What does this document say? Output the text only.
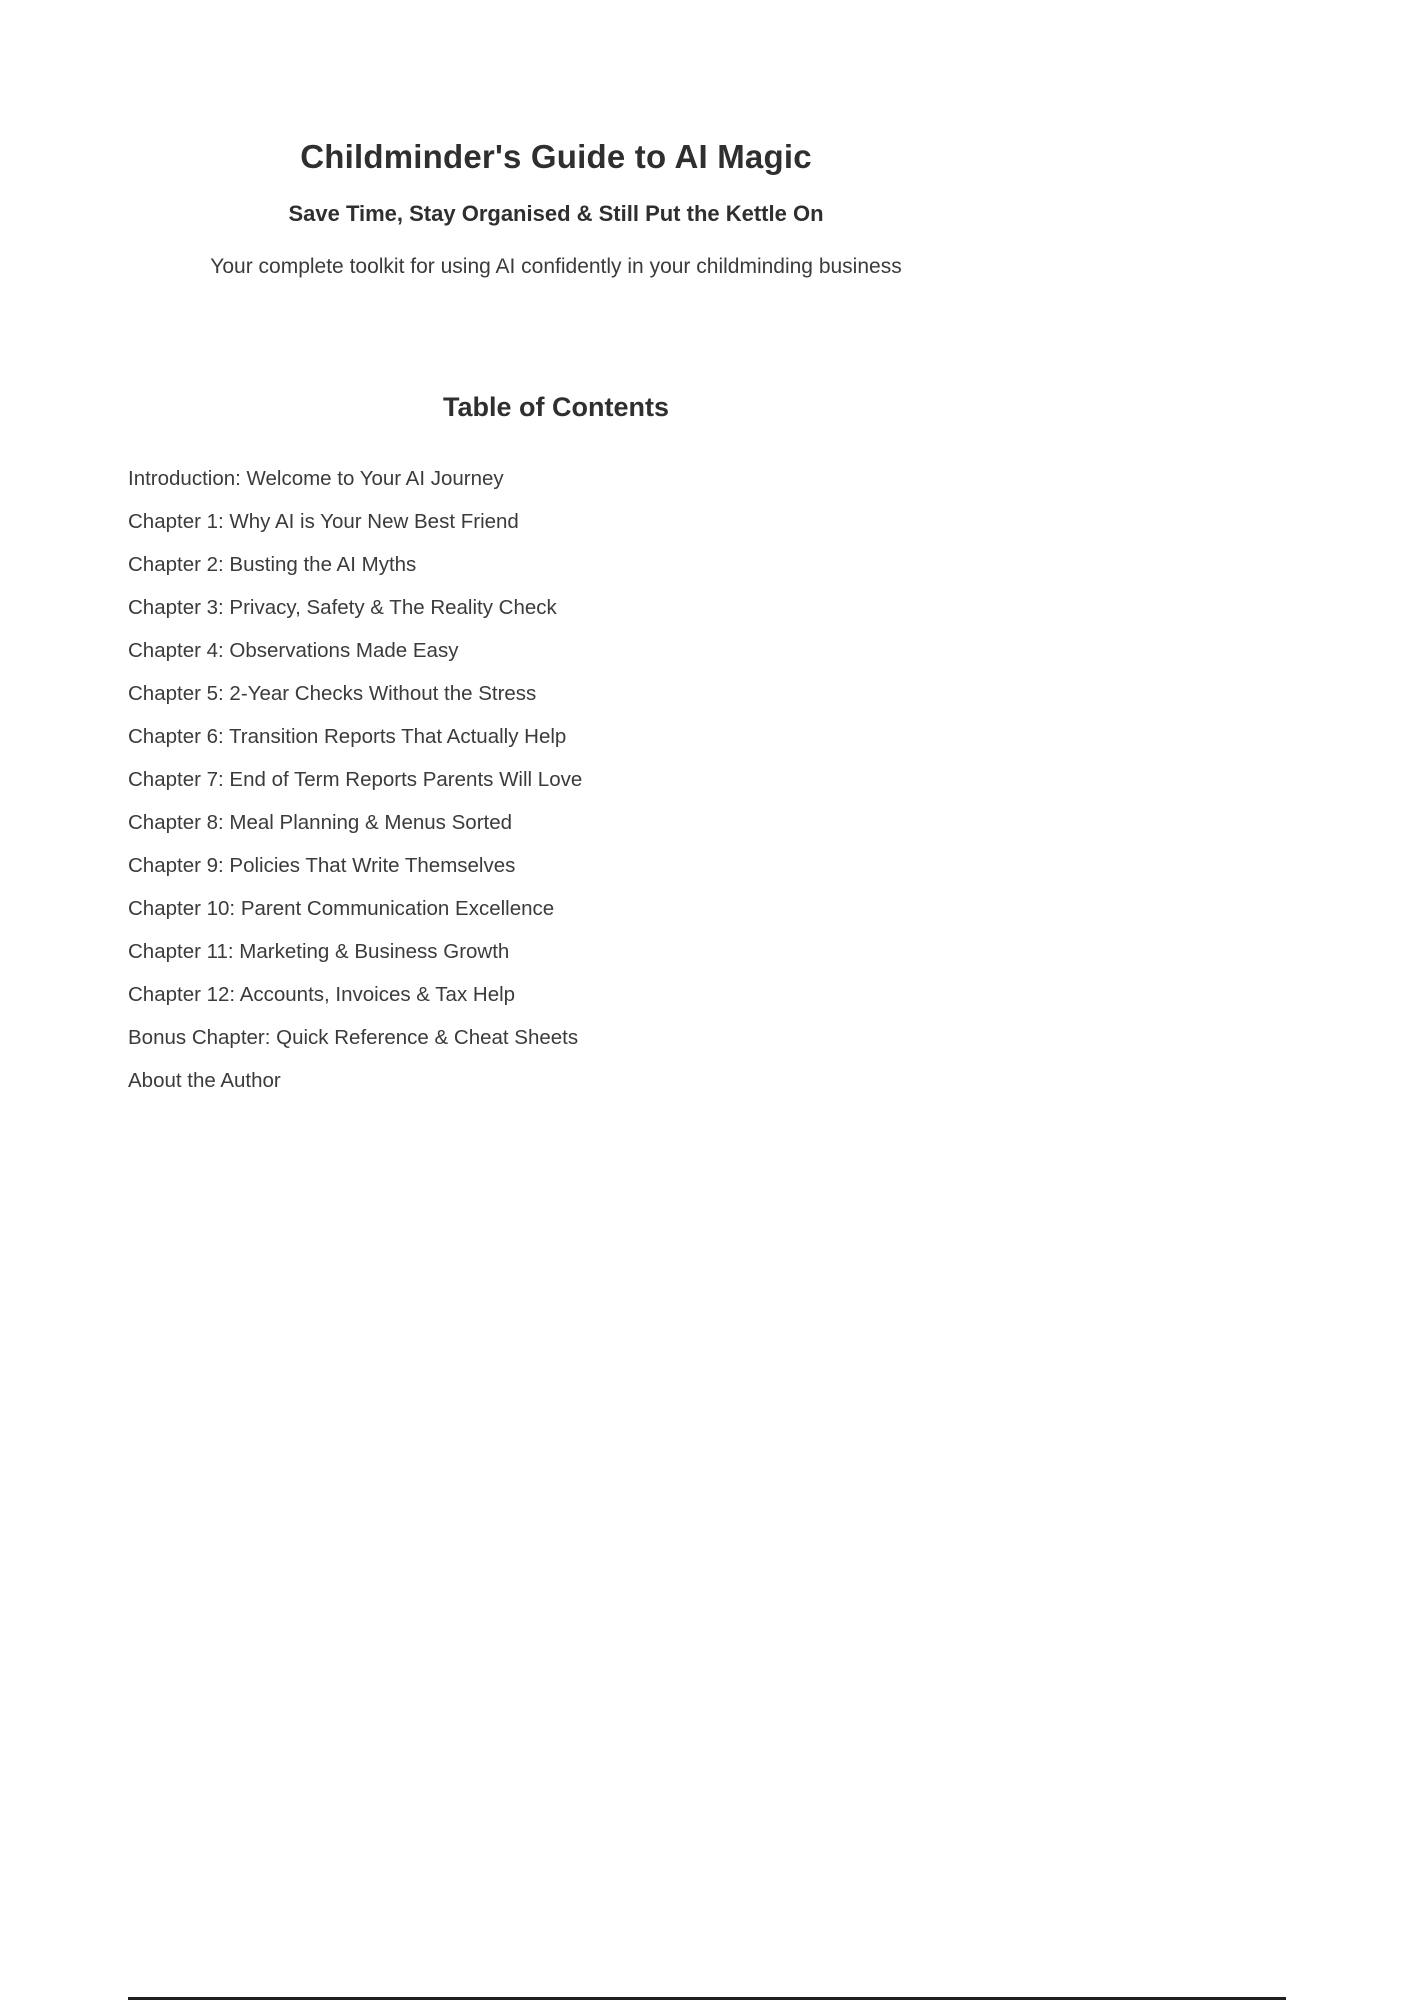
Childminder's Guide to AI Magic
Save Time, Stay Organised & Still Put the Kettle On

Your complete toolkit for using AI confidently in your childminding business

Table of Contents
Introduction: Welcome to Your AI Journey
Chapter 1: Why AI is Your New Best Friend
Chapter 2: Busting the AI Myths
Chapter 3: Privacy, Safety & The Reality Check
Chapter 4: Observations Made Easy
Chapter 5: 2-Year Checks Without the Stress
Chapter 6: Transition Reports That Actually Help
Chapter 7: End of Term Reports Parents Will Love
Chapter 8: Meal Planning & Menus Sorted
Chapter 9: Policies That Write Themselves
Chapter 10: Parent Communication Excellence
Chapter 11: Marketing & Business Growth
Chapter 12: Accounts, Invoices & Tax Help
Bonus Chapter: Quick Reference & Cheat Sheets
About the Author
